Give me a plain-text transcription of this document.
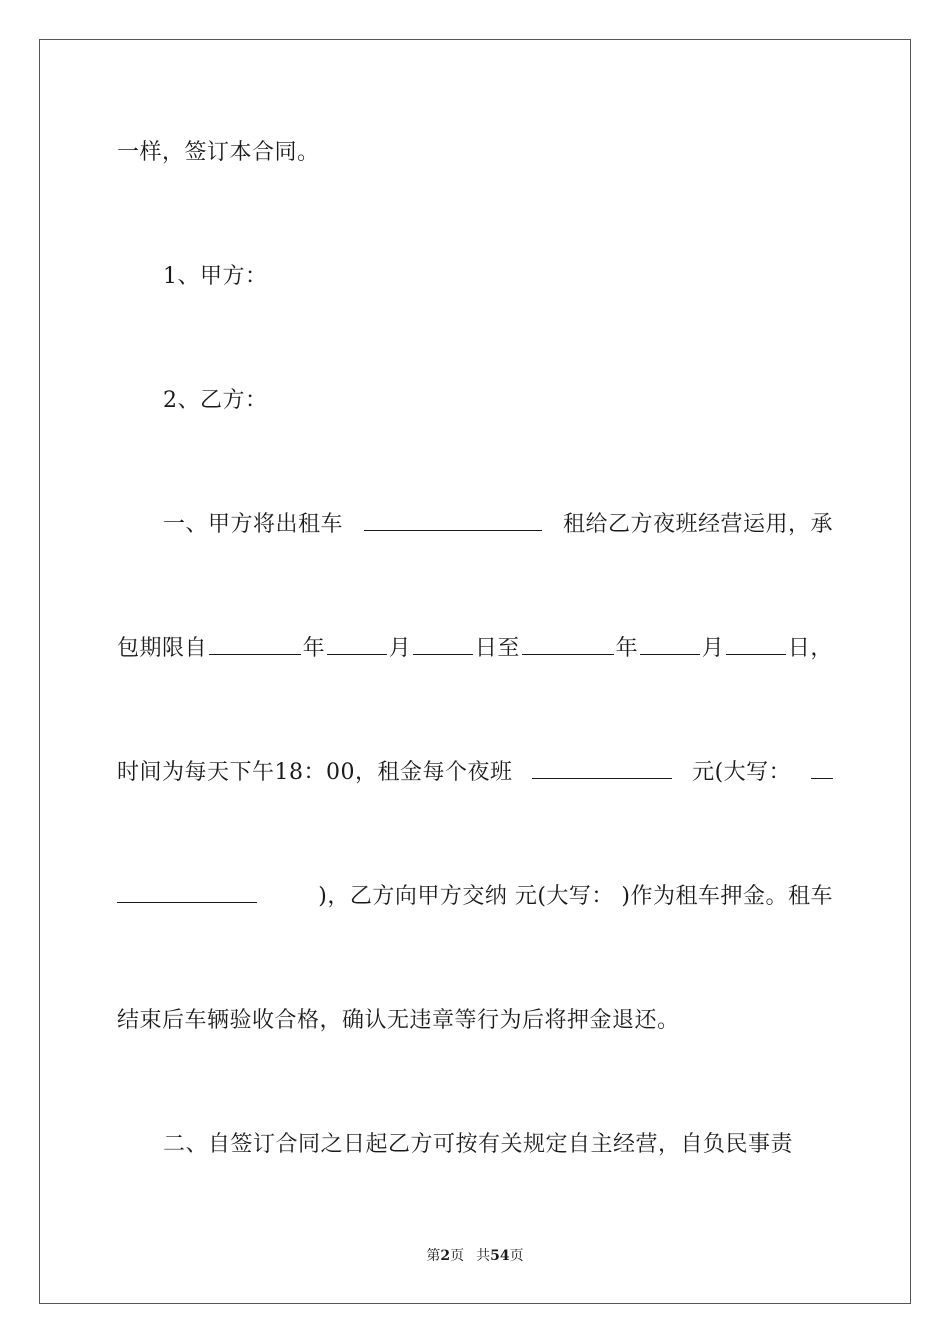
一样，签订本合同。
1、甲方：
2、乙方：
一、甲方将出租车	租给乙方夜班经营运用，承
包期限自	年	月	日至	年	月	日，
时间为每天下午18：00，租金每个夜班	元(大写：
)，乙方向甲方交纳 元(大写： )作为租车押金。租车
结束后车辆验收合格，确认无违章等行为后将押金退还。
二、自签订合同之日起乙方可按有关规定自主经营，自负民事责
第2页 共54页
